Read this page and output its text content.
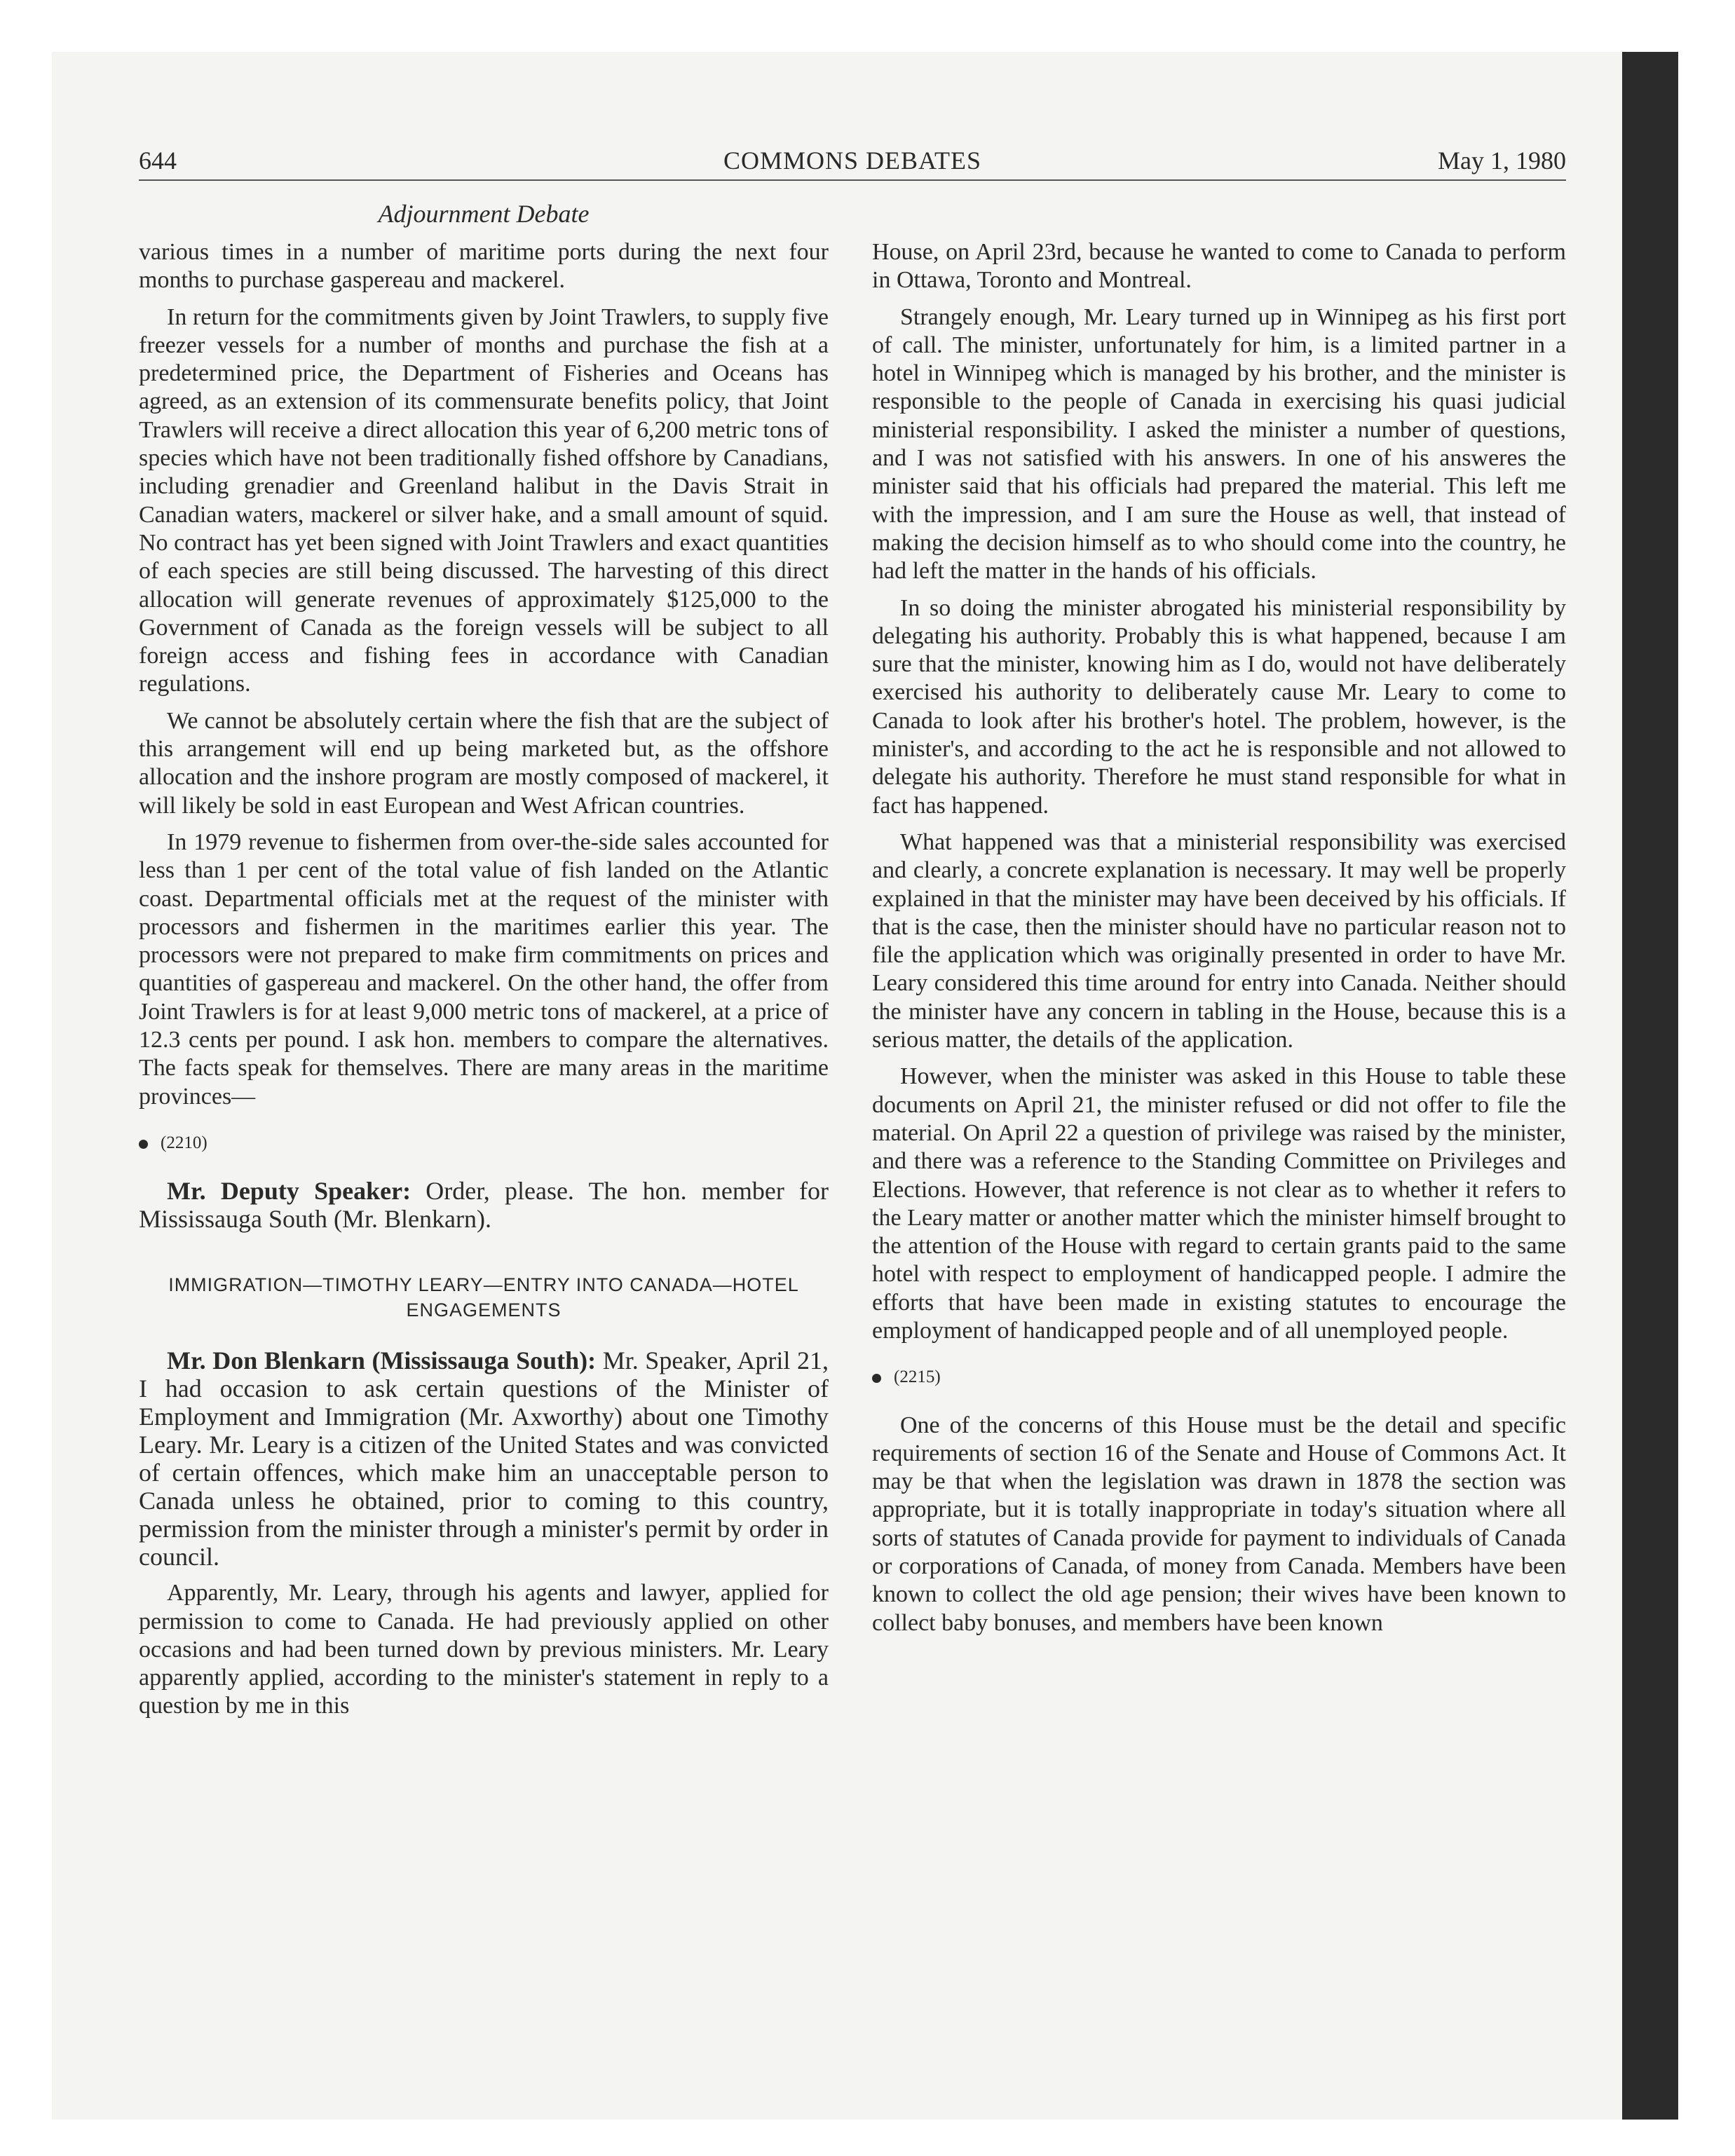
644	COMMONS DEBATES	May 1, 1980
Adjournment Debate

various times in a number of maritime ports during the next four months to purchase gaspereau and mackerel.

In return for the commitments given by Joint Trawlers, to supply five freezer vessels for a number of months and purchase the fish at a predetermined price, the Department of Fisheries and Oceans has agreed, as an extension of its commensurate benefits policy, that Joint Trawlers will receive a direct allocation this year of 6,200 metric tons of species which have not been traditionally fished offshore by Canadians, including grenadier and Greenland halibut in the Davis Strait in Canadian waters, mackerel or silver hake, and a small amount of squid. No contract has yet been signed with Joint Trawlers and exact quantities of each species are still being discussed. The harvesting of this direct allocation will generate revenues of approximately $125,000 to the Government of Canada as the foreign vessels will be subject to all foreign access and fishing fees in accordance with Canadian regulations.

We cannot be absolutely certain where the fish that are the subject of this arrangement will end up being marketed but, as the offshore allocation and the inshore program are mostly composed of mackerel, it will likely be sold in east European and West African countries.

In 1979 revenue to fishermen from over-the-side sales accounted for less than 1 per cent of the total value of fish landed on the Atlantic coast. Departmental officials met at the request of the minister with processors and fishermen in the maritimes earlier this year. The processors were not prepared to make firm commitments on prices and quantities of gaspereau and mackerel. On the other hand, the offer from Joint Trawlers is for at least 9,000 metric tons of mackerel, at a price of 12.3 cents per pound. I ask hon. members to compare the alternatives. The facts speak for themselves. There are many areas in the maritime provinces—

(2210)

Mr. Deputy Speaker: Order, please. The hon. member for Mississauga South (Mr. Blenkarn).

IMMIGRATION—TIMOTHY LEARY—ENTRY INTO CANADA—HOTEL ENGAGEMENTS

Mr. Don Blenkarn (Mississauga South): Mr. Speaker, April 21, I had occasion to ask certain questions of the Minister of Employment and Immigration (Mr. Axworthy) about one Timothy Leary. Mr. Leary is a citizen of the United States and was convicted of certain offences, which make him an unacceptable person to Canada unless he obtained, prior to coming to this country, permission from the minister through a minister's permit by order in council.

Apparently, Mr. Leary, through his agents and lawyer, applied for permission to come to Canada. He had previously applied on other occasions and had been turned down by previous ministers. Mr. Leary apparently applied, according to the minister's statement in reply to a question by me in this

House, on April 23rd, because he wanted to come to Canada to perform in Ottawa, Toronto and Montreal.

Strangely enough, Mr. Leary turned up in Winnipeg as his first port of call. The minister, unfortunately for him, is a limited partner in a hotel in Winnipeg which is managed by his brother, and the minister is responsible to the people of Canada in exercising his quasi judicial ministerial responsibility. I asked the minister a number of questions, and I was not satisfied with his answers. In one of his answeres the minister said that his officials had prepared the material. This left me with the impression, and I am sure the House as well, that instead of making the decision himself as to who should come into the country, he had left the matter in the hands of his officials.

In so doing the minister abrogated his ministerial responsibility by delegating his authority. Probably this is what happened, because I am sure that the minister, knowing him as I do, would not have deliberately exercised his authority to deliberately cause Mr. Leary to come to Canada to look after his brother's hotel. The problem, however, is the minister's, and according to the act he is responsible and not allowed to delegate his authority. Therefore he must stand responsible for what in fact has happened.

What happened was that a ministerial responsibility was exercised and clearly, a concrete explanation is necessary. It may well be properly explained in that the minister may have been deceived by his officials. If that is the case, then the minister should have no particular reason not to file the application which was originally presented in order to have Mr. Leary considered this time around for entry into Canada. Neither should the minister have any concern in tabling in the House, because this is a serious matter, the details of the application.

However, when the minister was asked in this House to table these documents on April 21, the minister refused or did not offer to file the material. On April 22 a question of privilege was raised by the minister, and there was a reference to the Standing Committee on Privileges and Elections. However, that reference is not clear as to whether it refers to the Leary matter or another matter which the minister himself brought to the attention of the House with regard to certain grants paid to the same hotel with respect to employment of handicapped people. I admire the efforts that have been made in existing statutes to encourage the employment of handicapped people and of all unemployed people.

(2215)

One of the concerns of this House must be the detail and specific requirements of section 16 of the Senate and House of Commons Act. It may be that when the legislation was drawn in 1878 the section was appropriate, but it is totally inappropriate in today's situation where all sorts of statutes of Canada provide for payment to individuals of Canada or corporations of Canada, of money from Canada. Members have been known to collect the old age pension; their wives have been known to collect baby bonuses, and members have been known
